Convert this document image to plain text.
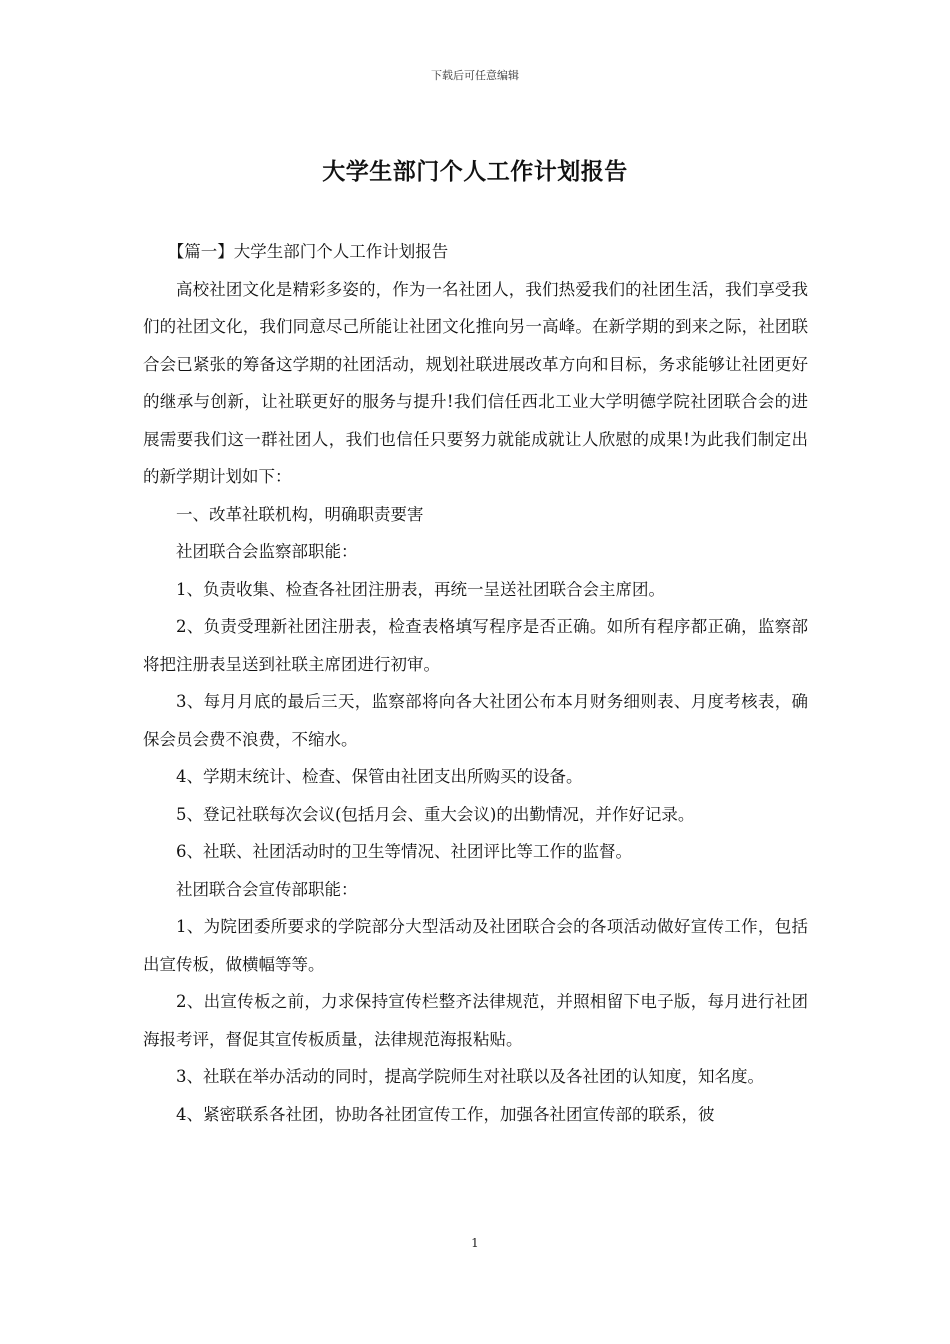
下载后可任意编辑
大学生部门个人工作计划报告

【篇一】大学生部门个人工作计划报告

高校社团文化是精彩多姿的，作为一名社团人，我们热爱我们的社团生活，我们享受我们的社团文化，我们同意尽己所能让社团文化推向另一高峰。在新学期的到来之际，社团联合会已紧张的筹备这学期的社团活动，规划社联进展改革方向和目标，务求能够让社团更好的继承与创新，让社联更好的服务与提升!我们信任西北工业大学明德学院社团联合会的进展需要我们这一群社团人，我们也信任只要努力就能成就让人欣慰的成果!为此我们制定出的新学期计划如下：

一、改革社联机构，明确职责要害

社团联合会监察部职能：

1、负责收集、检查各社团注册表，再统一呈送社团联合会主席团。

2、负责受理新社团注册表，检查表格填写程序是否正确。如所有程序都正确，监察部将把注册表呈送到社联主席团进行初审。

3、每月月底的最后三天，监察部将向各大社团公布本月财务细则表、月度考核表，确保会员会费不浪费，不缩水。

4、学期末统计、检查、保管由社团支出所购买的设备。

5、登记社联每次会议(包括月会、重大会议)的出勤情况，并作好记录。

6、社联、社团活动时的卫生等情况、社团评比等工作的监督。

社团联合会宣传部职能：

1、为院团委所要求的学院部分大型活动及社团联合会的各项活动做好宣传工作，包括出宣传板，做横幅等等。

2、出宣传板之前，力求保持宣传栏整齐法律规范，并照相留下电子版，每月进行社团海报考评，督促其宣传板质量，法律规范海报粘贴。

3、社联在举办活动的同时，提高学院师生对社联以及各社团的认知度，知名度。

4、紧密联系各社团，协助各社团宣传工作，加强各社团宣传部的联系，彼

1
